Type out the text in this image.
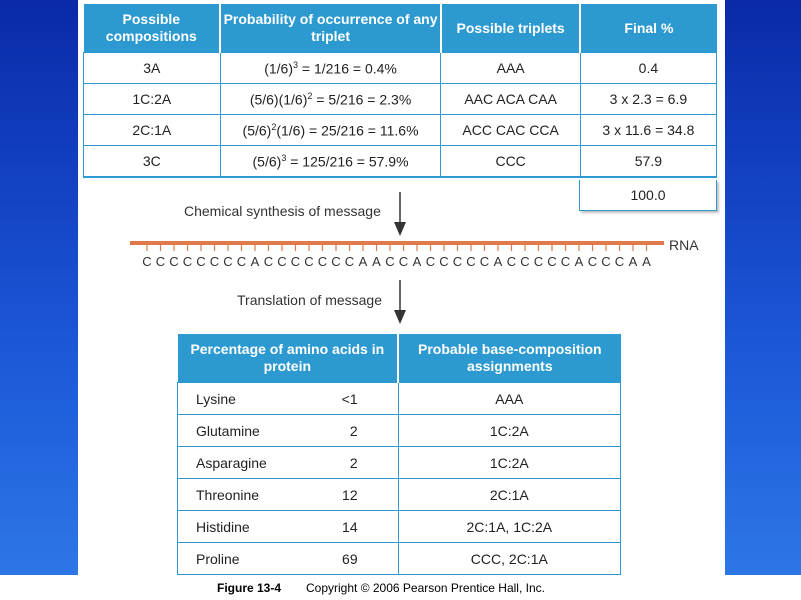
Possible compositions	Probability of occurrence of any triplet	Possible triplets	Final %
3A	$(1/6)^3 = 1/216 = 0.4\%$	AAA	0.4
1C:2A	$(5/6)(1/6)^2 = 5/216 = 2.3\%$	AAC ACA CAA	3 x 2.3 = 6.9
2C:1A	$(5/6)^2(1/6) = 25/216 = 11.6\%$	ACC CAC CCA	3 x 11.6 = 34.8
3C	$(5/6)^3 = 125/216 = 57.9\%$	CCC	57.9
100.0
Chemical synthesis of message
C C C C C C C C A C C C C C C C A A C C A C C C C C A C C C C C A C C C A A
RNA
Translation of message
Percentage of amino acids in protein		Probable base-composition assignments
Lysine	<1	AAA
Glutamine	2	1C:2A
Asparagine	2	1C:2A
Threonine	12	2C:1A
Histidine	14	2C:1A, 1C:2A
Proline	69	CCC, 2C:1A
Figure 13-4 Copyright © 2006 Pearson Prentice Hall, Inc.
